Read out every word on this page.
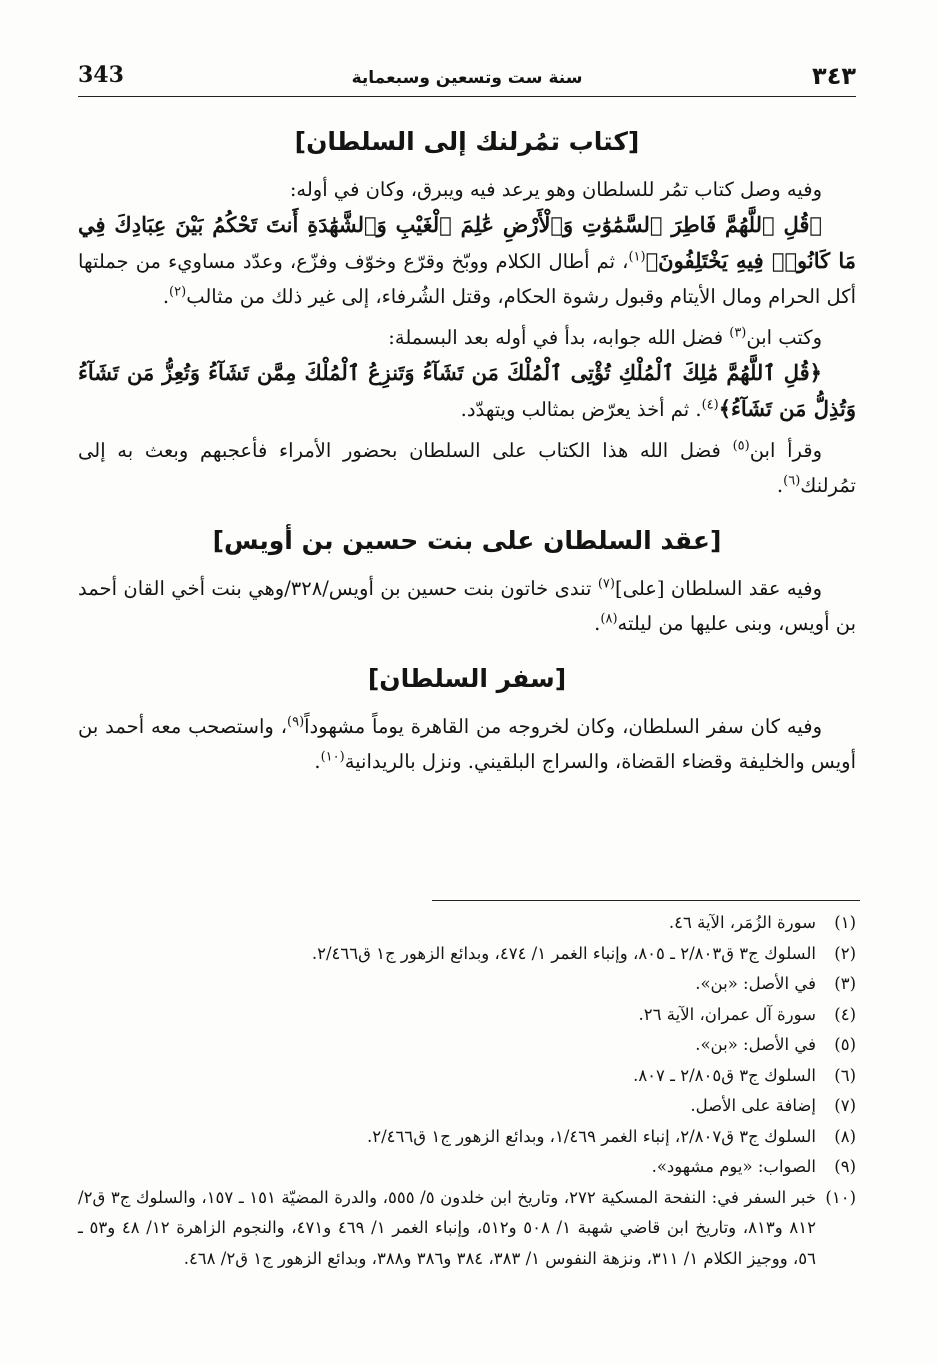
٣٤٣
سنة ست وتسعين وسبعماية
343
[كتاب تمُرلنك إلى السلطان]

وفيه وصل كتاب تمُر للسلطان وهو يرعد فيه ويبرق، وكان في أوله:

﴿قُلِ ٱللَّهُمَّ فَاطِرَ ٱلسَّمَٰوَٰتِ وَٱلْأَرْضِ عَٰلِمَ ٱلْغَيْبِ وَٱلشَّهَٰدَةِ أَنتَ تَحْكُمُ بَيْنَ عِبَادِكَ فِي مَا كَانُوا۟ فِيهِ يَخْتَلِفُونَ﴾$^{(١)}$، ثم أطال الكلام ووبّخ وقرّع وخوّف وفزّع، وعدّد مساويء من جملتها أكل الحرام ومال الأيتام وقبول رشوة الحكام، وقتل الشُرفاء، إلى غير ذلك من مثالب$^{(٢)}$.

وكتب ابن$^{(٣)}$ فضل الله جوابه، بدأ في أوله بعد البسملة:

﴿قُلِ ٱللَّهُمَّ مَٰلِكَ ٱلْمُلْكِ تُؤْتِى ٱلْمُلْكَ مَن تَشَآءُ وَتَنزِعُ ٱلْمُلْكَ مِمَّن تَشَآءُ وَتُعِزُّ مَن تَشَآءُ وَتُذِلُّ مَن تَشَآءُ﴾$^{(٤)}$. ثم أخذ يعرّض بمثالب ويتهدّد.

وقرأ ابن$^{(٥)}$ فضل الله هذا الكتاب على السلطان بحضور الأمراء فأعجبهم وبعث به إلى تمُرلنك$^{(٦)}$.

[عقد السلطان على بنت حسين بن أويس]

وفيه عقد السلطان [على]$^{(٧)}$ تندى خاتون بنت حسين بن أويس/٣٢٨/وهي بنت أخي القان أحمد بن أويس، وبنى عليها من ليلته$^{(٨)}$.

[سفر السلطان]

وفيه كان سفر السلطان، وكان لخروجه من القاهرة يوماً مشهوداً$^{(٩)}$، واستصحب معه أحمد بن أويس والخليفة وقضاء القضاة، والسراج البلقيني. ونزل بالريدانية$^{(١٠)}$.

(١)
سورة الزُمَر، الآية ٤٦.
(٢)
السلوك ج٣ ق٢/٨٠٣ ـ ٨٠٥، وإنباء الغمر ١/ ٤٧٤، وبدائع الزهور ج١ ق٢/٤٦٦.
(٣)
في الأصل: «بن».
(٤)
سورة آل عمران، الآية ٢٦.
(٥)
في الأصل: «بن».
(٦)
السلوك ج٣ ق٢/٨٠٥ ـ ٨٠٧.
(٧)
إضافة على الأصل.
(٨)
السلوك ج٣ ق٢/٨٠٧، إنباء الغمر ١/٤٦٩، وبدائع الزهور ج١ ق٢/٤٦٦.
(٩)
الصواب: «يوم مشهود».
(١٠)
خبر السفر في: النفحة المسكية ٢٧٢، وتاريخ ابن خلدون ٥/ ٥٥٥، والدرة المضيّة ١٥١ ـ ١٥٧، والسلوك ج٣ ق٢/ ٨١٢ و٨١٣، وتاريخ ابن قاضي شهبة ١/ ٥٠٨ و٥١٢، وإنباء الغمر ١/ ٤٦٩ و٤٧١، والنجوم الزاهرة ١٢/ ٤٨ و٥٣ ـ ٥٦، ووجيز الكلام ١/ ٣١١، ونزهة النفوس ١/ ٣٨٣، ٣٨٤ و٣٨٦ و٣٨٨، وبدائع الزهور ج١ ق٢/ ٤٦٨.
